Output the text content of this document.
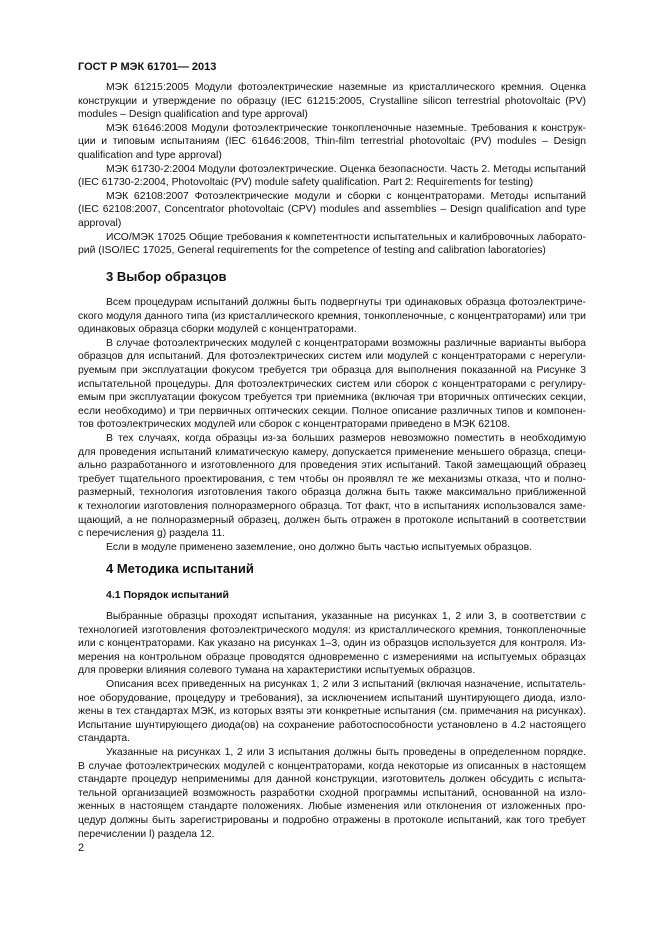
ГОСТ Р МЭК 61701— 2013
МЭК 61215:2005 Модули фотоэлектрические наземные из кристаллического кремния. Оценка
конструкции и утверждение по образцу (IEC 61215:2005, Crystalline silicon terrestrial photovoltaic (PV)
modules – Design qualification and type approval)
МЭК 61646:2008 Модули фотоэлектрические тонкопленочные наземные. Требования к конструк-
ции и типовым испытаниям (IEC 61646:2008, Thin-film terrestrial photovoltaic (PV) modules – Design
qualification and type approval)
МЭК 61730-2:2004 Модули фотоэлектрические. Оценка безопасности. Часть 2. Методы испытаний
(IEC 61730-2:2004, Photovoltaic (PV) module safety qualification. Part 2: Requirements for testing)
МЭК 62108:2007 Фотоэлектрические модули и сборки с концентраторами. Методы испытаний
(IEC 62108:2007, Concentrator photovoltaic (CPV) modules and assemblies – Design qualification and type
approval)
ИСО/МЭК 17025 Общие требования к компетентности испытательных и калибровочных лаборато-
рий (ISO/IEC 17025, General requirements for the competence of testing and calibration laboratories)
3 Выбор образцов
Всем процедурам испытаний должны быть подвергнуты три одинаковых образца фотоэлектриче-
ского модуля данного типа (из кристаллического кремния, тонкопленочные, с концентраторами) или три
одинаковых образца сборки модулей с концентраторами.
В случае фотоэлектрических модулей с концентраторами возможны различные варианты выбора
образцов для испытаний. Для фотоэлектрических систем или модулей с концентраторами с нерегули-
руемым при эксплуатации фокусом требуется три образца для выполнения показанной на Рисунке 3
испытательной процедуры. Для фотоэлектрических систем или сборок с концентраторами с регулиру-
емым при эксплуатации фокусом требуется три приемника (включая три вторичных оптических секции,
если необходимо) и три первичных оптических секции. Полное описание различных типов и компонен-
тов фотоэлектрических модулей или сборок с концентраторами приведено в МЭК 62108.
В тех случаях, когда образцы из-за больших размеров невозможно поместить в необходимую
для проведения испытаний климатическую камеру, допускается применение меньшего образца, специ-
ально разработанного и изготовленного для проведения этих испытаний. Такой замещающий образец
требует тщательного проектирования, с тем чтобы он проявлял те же механизмы отказа, что и полно-
размерный, технология изготовления такого образца должна быть также максимально приближенной
к технологии изготовления полноразмерного образца. Тот факт, что в испытаниях использовался заме-
щающий, а не полноразмерный образец, должен быть отражен в протоколе испытаний в соответствии
с перечисления g) раздела 11.
Если в модуле применено заземление, оно должно быть частью испытуемых образцов.
4 Методика испытаний
4.1 Порядок испытаний
Выбранные образцы проходят испытания, указанные на рисунках 1, 2 или 3, в соответствии с
технологией изготовления фотоэлектрического модуля: из кристаллического кремния, тонкопленочные
или с концентраторами. Как указано на рисунках 1–3, один из образцов используется для контроля. Из-
мерения на контрольном образце проводятся одновременно с измерениями на испытуемых образцах
для проверки влияния солевого тумана на характеристики испытуемых образцов.
Описания всех приведенных на рисунках 1, 2 или 3 испытаний (включая назначение, испытатель-
ное оборудование, процедуру и требования), за исключением испытаний шунтирующего диода, изло-
жены в тех стандартах МЭК, из которых взяты эти конкретные испытания (см. примечания на рисунках).
Испытание шунтирующего диода(ов) на сохранение работоспособности установлено в 4.2 настоящего
стандарта.
Указанные на рисунках 1, 2 или 3 испытания должны быть проведены в определенном порядке.
В случае фотоэлектрических модулей с концентраторами, когда некоторые из описанных в настоящем
стандарте процедур неприменимы для данной конструкции, изготовитель должен обсудить с испыта-
тельной организацией возможность разработки сходной программы испытаний, основанной на изло-
женных в настоящем стандарте положениях. Любые изменения или отклонения от изложенных про-
цедур должны быть зарегистрированы и подробно отражены в протоколе испытаний, как того требует
перечислении l) раздела 12.
2
